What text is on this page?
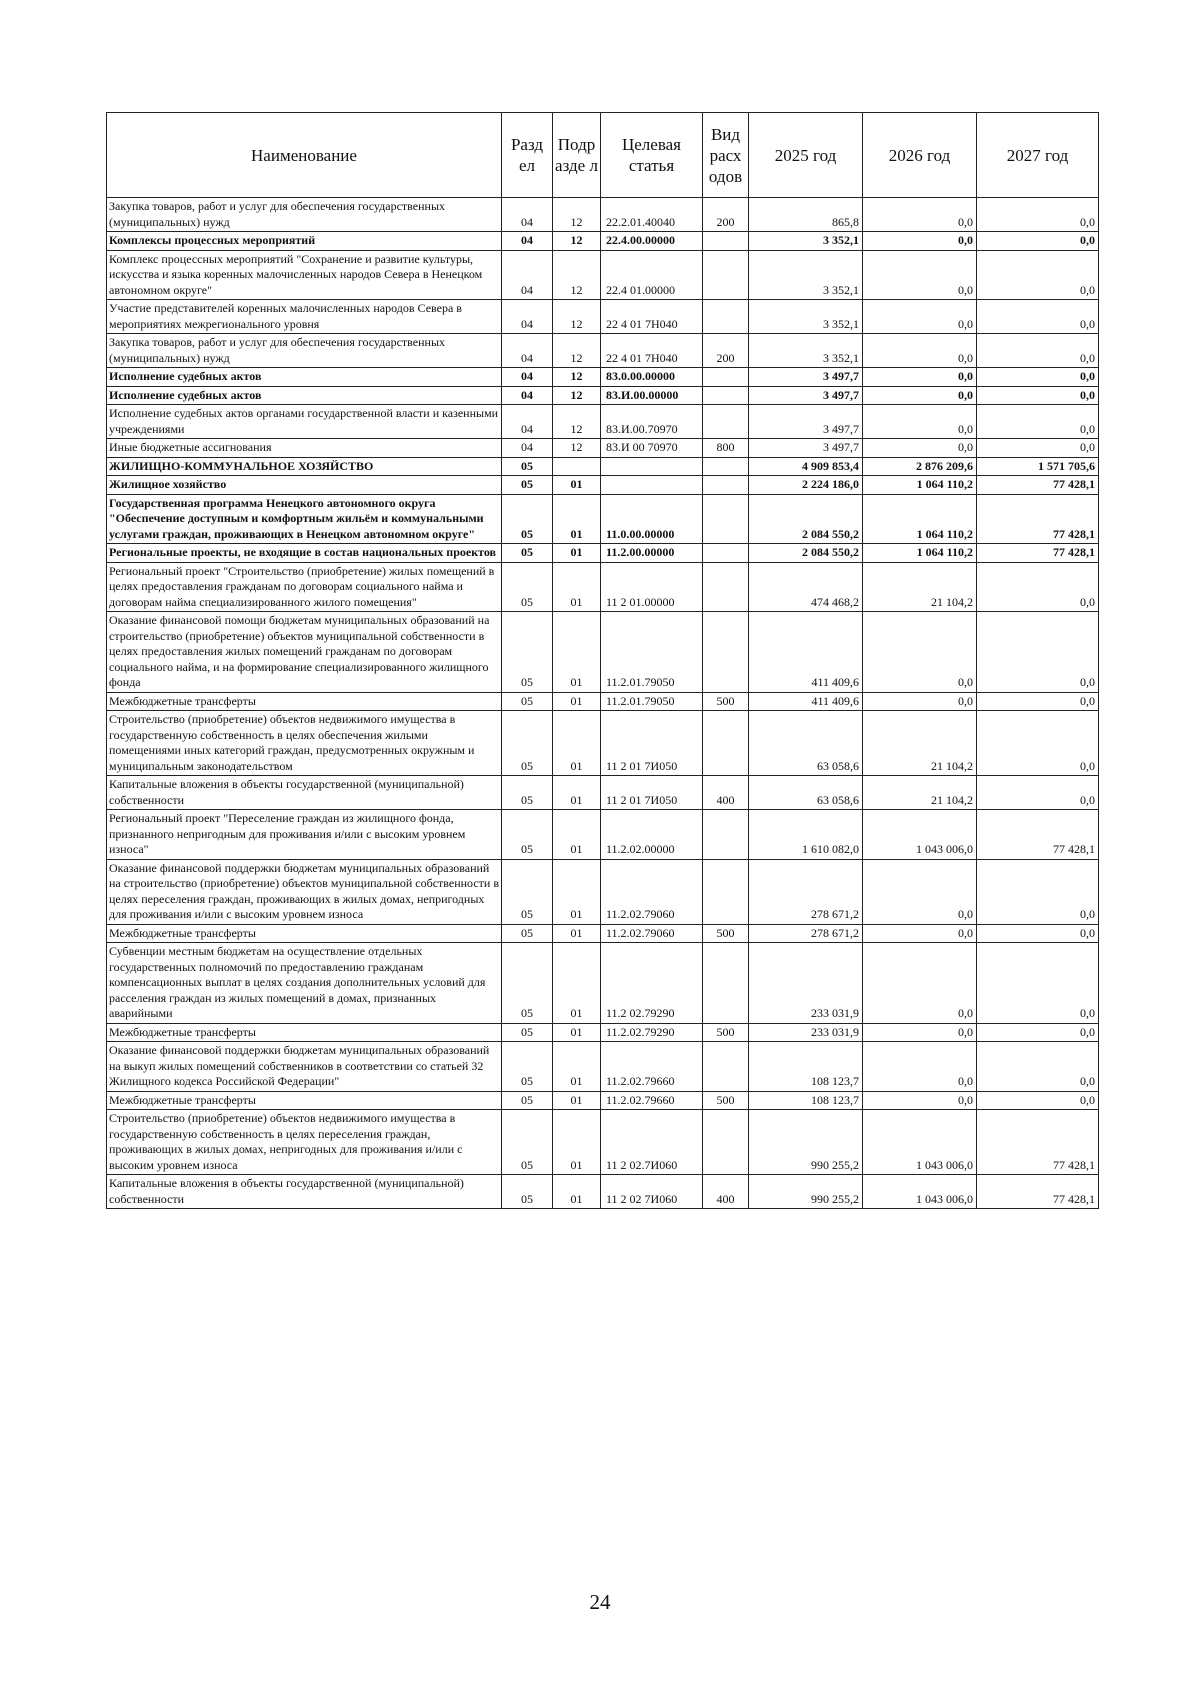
Наименование	Разд ел	Подр азде л	Целевая статья	Вид расх одов	2025 год	2026 год	2027 год
Закупка товаров, работ и услуг для обеспечения государственных (муниципальных) нужд	04	12	22.2.01.40040	200	865,8	0,0	0,0
Комплексы процессных мероприятий	04	12	22.4.00.00000		3 352,1	0,0	0,0
Комплекс процессных мероприятий "Сохранение и развитие культуры, искусства и языка коренных малочисленных народов Севера в Ненецком автономном округе"	04	12	22.4 01.00000		3 352,1	0,0	0,0
Участие представителей коренных малочисленных народов Севера в мероприятиях межрегионального уровня	04	12	22 4 01 7Н040		3 352,1	0,0	0,0
Закупка товаров, работ и услуг для обеспечения государственных (муниципальных) нужд	04	12	22 4 01 7Н040	200	3 352,1	0,0	0,0
Исполнение судебных актов	04	12	83.0.00.00000		3 497,7	0,0	0,0
Исполнение судебных актов	04	12	83.И.00.00000		3 497,7	0,0	0,0
Исполнение судебных актов органами государственной власти и казенными учреждениями	04	12	83.И.00.70970		3 497,7	0,0	0,0
Иные бюджетные ассигнования	04	12	83.И 00 70970	800	3 497,7	0,0	0,0
ЖИЛИЩНО-КОММУНАЛЬНОЕ ХОЗЯЙСТВО	05				4 909 853,4	2 876 209,6	1 571 705,6
Жилищное хозяйство	05	01			2 224 186,0	1 064 110,2	77 428,1
Государственная программа Ненецкого автономного округа "Обеспечение доступным и комфортным жильём и коммунальными услугами граждан, проживающих в Ненецком автономном округе"	05	01	11.0.00.00000		2 084 550,2	1 064 110,2	77 428,1
Региональные проекты, не входящие в состав национальных проектов	05	01	11.2.00.00000		2 084 550,2	1 064 110,2	77 428,1
Региональный проект "Строительство (приобретение) жилых помещений в целях предоставления гражданам по договорам социального найма и договорам найма специализированного жилого помещения"	05	01	11 2 01.00000		474 468,2	21 104,2	0,0
Оказание финансовой помощи бюджетам муниципальных образований на строительство (приобретение) объектов муниципальной собственности в целях предоставления жилых помещений гражданам по договорам социального найма, и на формирование специализированного жилищного фонда	05	01	11.2.01.79050		411 409,6	0,0	0,0
Межбюджетные трансферты	05	01	11.2.01.79050	500	411 409,6	0,0	0,0
Строительство (приобретение) объектов недвижимого имущества в государственную собственность в целях обеспечения жилыми помещениями иных категорий граждан, предусмотренных окружным и муниципальным законодательством	05	01	11 2 01 7И050		63 058,6	21 104,2	0,0
Капитальные вложения в объекты государственной (муниципальной) собственности	05	01	11 2 01 7И050	400	63 058,6	21 104,2	0,0
Региональный проект "Переселение граждан из жилищного фонда, признанного непригодным для проживания и/или с высоким уровнем износа"	05	01	11.2.02.00000		1 610 082,0	1 043 006,0	77 428,1
Оказание финансовой поддержки бюджетам муниципальных образований на строительство (приобретение) объектов муниципальной собственности в целях переселения граждан, проживающих в жилых домах, непригодных для проживания и/или с высоким уровнем износа	05	01	11.2.02.79060		278 671,2	0,0	0,0
Межбюджетные трансферты	05	01	11.2.02.79060	500	278 671,2	0,0	0,0
Субвенции местным бюджетам на осуществление отдельных государственных полномочий по предоставлению гражданам компенсационных выплат в целях создания дополнительных условий для расселения граждан из жилых помещений в домах, признанных аварийными	05	01	11.2 02.79290		233 031,9	0,0	0,0
Межбюджетные трансферты	05	01	11.2.02.79290	500	233 031,9	0,0	0,0
Оказание финансовой поддержки бюджетам муниципальных образований на выкуп жилых помещений собственников в соответствии со статьей 32 Жилищного кодекса Российской Федерации"	05	01	11.2.02.79660		108 123,7	0,0	0,0
Межбюджетные трансферты	05	01	11.2.02.79660	500	108 123,7	0,0	0,0
Строительство (приобретение) объектов недвижимого имущества в государственную собственность в целях переселения граждан, проживающих в жилых домах, непригодных для проживания и/или с высоким уровнем износа	05	01	11 2 02.7И060		990 255,2	1 043 006,0	77 428,1
Капитальные вложения в объекты государственной (муниципальной) собственности	05	01	11 2 02 7И060	400	990 255,2	1 043 006,0	77 428,1
24
